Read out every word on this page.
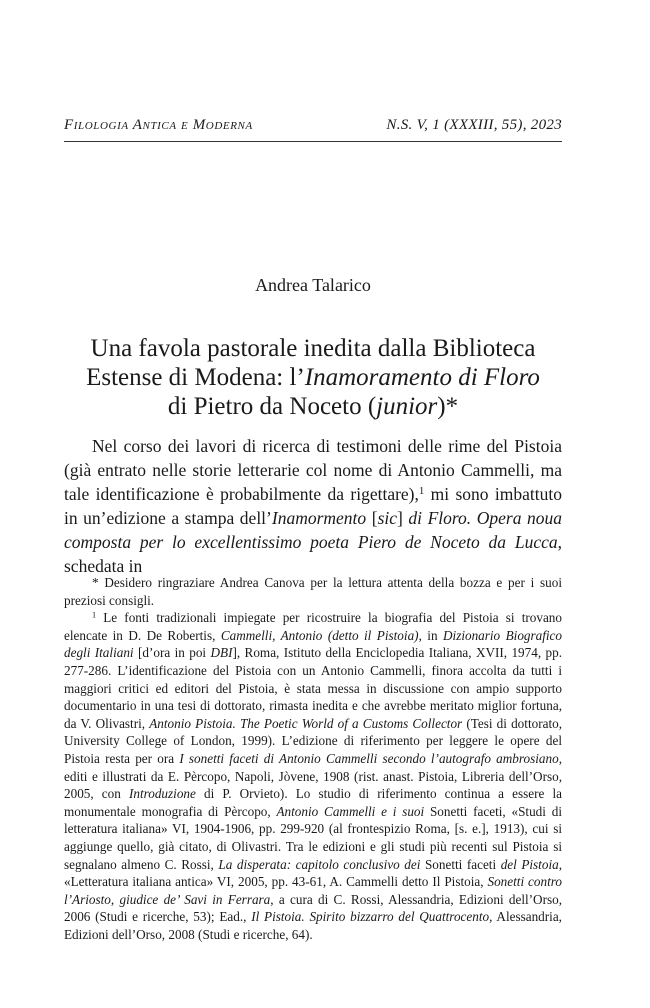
Filologia Antica e Moderna	N.S. V, 1 (XXXIII, 55), 2023
Andrea Talarico
Una favola pastorale inedita dalla Biblioteca
Estense di Modena: l’Inamoramento di Floro
di Pietro da Noceto (junior)*

Nel corso dei lavori di ricerca di testimoni delle rime del Pistoia (già entrato nelle storie letterarie col nome di Antonio Cammelli, ma tale identificazione è probabilmente da rigettare),$^1$ mi sono imbattuto in un’edizione a stampa dell’Inamormento [sic] di Floro. Opera noua composta per lo excellentissimo poeta Piero de Noceto da Lucca, schedata in

* Desidero ringraziare Andrea Canova per la lettura attenta della bozza e per i suoi preziosi consigli.

$^1$ Le fonti tradizionali impiegate per ricostruire la biografia del Pistoia si trovano elencate in D. De Robertis, Cammelli, Antonio (detto il Pistoia), in Dizionario Biografico degli Italiani [d’ora in poi DBI], Roma, Istituto della Enciclopedia Italiana, XVII, 1974, pp. 277-286. L’identificazione del Pistoia con un Antonio Cammelli, finora accolta da tutti i maggiori critici ed editori del Pistoia, è stata messa in discussione con ampio supporto documentario in una tesi di dottorato, rimasta inedita e che avrebbe meritato miglior fortuna, da V. Olivastri, Antonio Pistoia. The Poetic World of a Customs Collector (Tesi di dottorato, University College of London, 1999). L’edizione di riferimento per leggere le opere del Pistoia resta per ora I sonetti faceti di Antonio Cammelli secondo l’autografo ambrosiano, editi e illustrati da E. Pèrcopo, Napoli, Jòvene, 1908 (rist. anast. Pistoia, Libreria dell’Orso, 2005, con Introduzione di P. Orvieto). Lo studio di riferimento continua a essere la monumentale monografia di Pèrcopo, Antonio Cammelli e i suoi Sonetti faceti, «Studi di letteratura italiana» VI, 1904-1906, pp. 299-920 (al frontespizio Roma, [s. e.], 1913), cui si aggiunge quello, già citato, di Olivastri. Tra le edizioni e gli studi più recenti sul Pistoia si segnalano almeno C. Rossi, La disperata: capitolo conclusivo dei Sonetti faceti del Pistoia, «Letteratura italiana antica» VI, 2005, pp. 43-61, A. Cammelli detto Il Pistoia, Sonetti contro l’Ariosto, giudice de’ Savi in Ferrara, a cura di C. Rossi, Alessandria, Edizioni dell’Orso, 2006 (Studi e ricerche, 53); Ead., Il Pistoia. Spirito bizzarro del Quattrocento, Alessandria, Edizioni dell’Orso, 2008 (Studi e ricerche, 64).
